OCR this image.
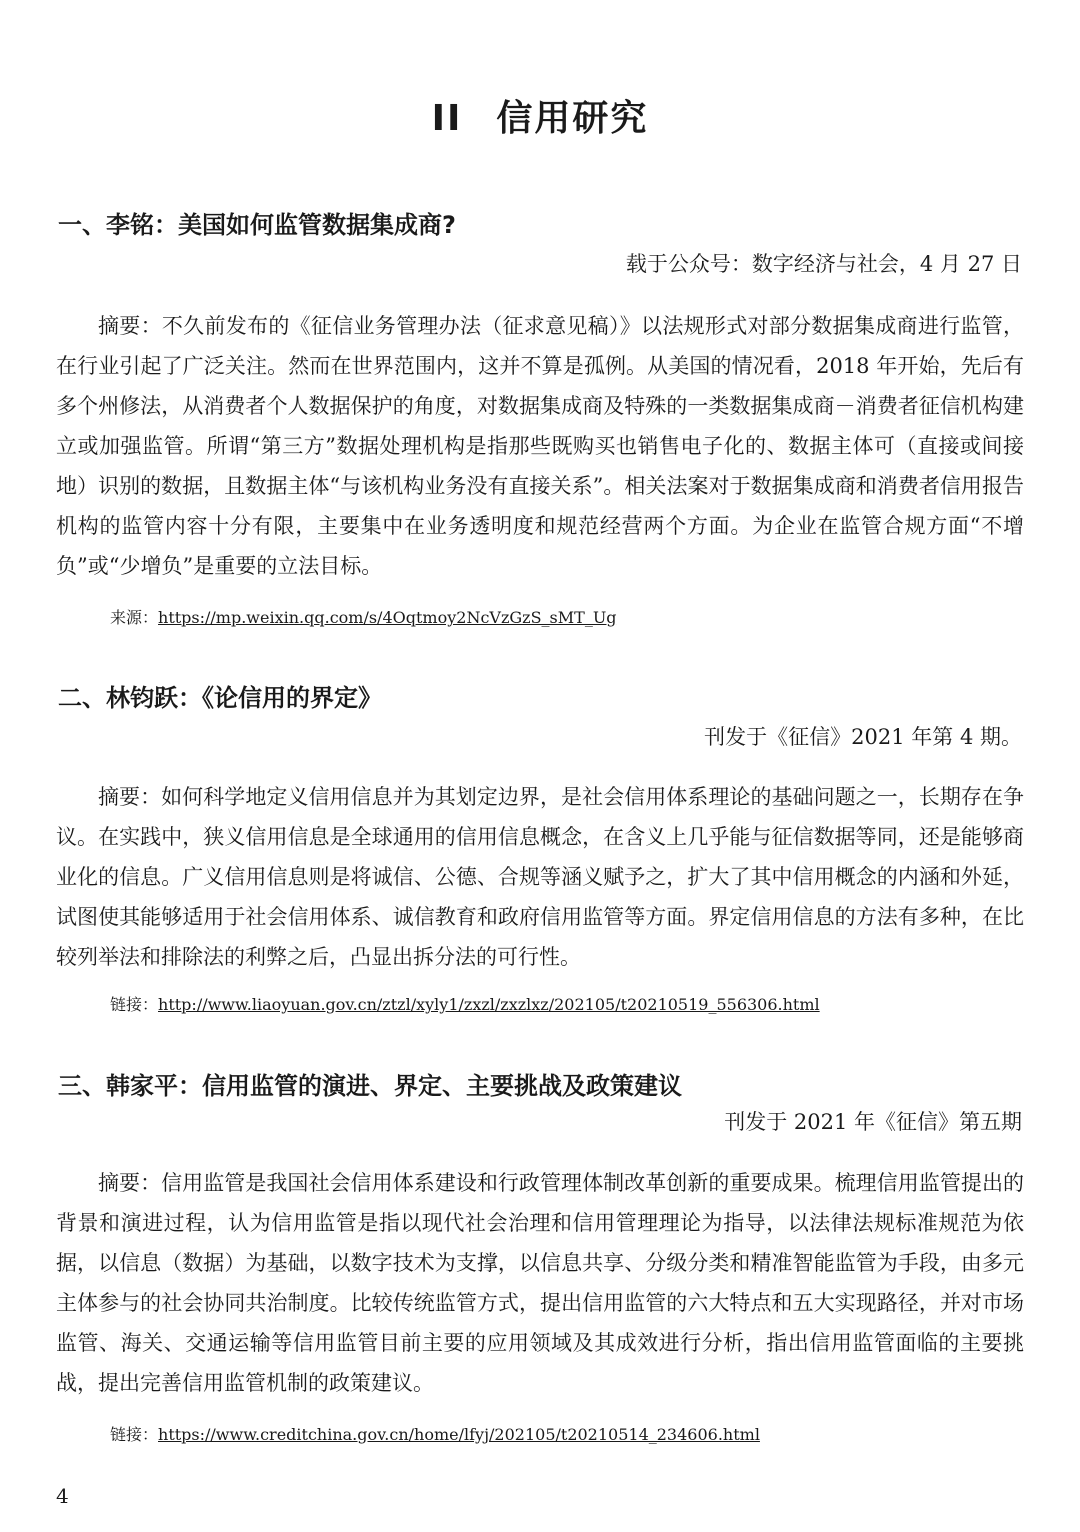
II 信用研究
一、李铭：美国如何监管数据集成商?
载于公众号：数字经济与社会，4 月 27 日

摘要：不久前发布的《征信业务管理办法（征求意见稿）》以法规形式对部分数据集成商进行监管，在行业引起了广泛关注。然而在世界范围内，这并不算是孤例。从美国的情况看，2018 年开始，先后有多个州修法，从消费者个人数据保护的角度，对数据集成商及特殊的一类数据集成商－消费者征信机构建立或加强监管。所谓“第三方”数据处理机构是指那些既购买也销售电子化的、数据主体可（直接或间接地）识别的数据，且数据主体“与该机构业务没有直接关系”。相关法案对于数据集成商和消费者信用报告机构的监管内容十分有限，主要集中在业务透明度和规范经营两个方面。为企业在监管合规方面“不增负”或“少增负”是重要的立法目标。

来源：https://mp.weixin.qq.com/s/4Oqtmoy2NcVzGzS_sMT_Ug
二、林钧跃：《论信用的界定》
刊发于《征信》2021 年第 4 期。

摘要：如何科学地定义信用信息并为其划定边界，是社会信用体系理论的基础问题之一，长期存在争议。在实践中，狭义信用信息是全球通用的信用信息概念，在含义上几乎能与征信数据等同，还是能够商业化的信息。广义信用信息则是将诚信、公德、合规等涵义赋予之，扩大了其中信用概念的内涵和外延，试图使其能够适用于社会信用体系、诚信教育和政府信用监管等方面。界定信用信息的方法有多种，在比较列举法和排除法的利弊之后，凸显出拆分法的可行性。

链接：http://www.liaoyuan.gov.cn/ztzl/xyly1/zxzl/zxzlxz/202105/t20210519_556306.html
三、韩家平：信用监管的演进、界定、主要挑战及政策建议
刊发于 2021 年《征信》第五期

摘要：信用监管是我国社会信用体系建设和行政管理体制改革创新的重要成果。梳理信用监管提出的背景和演进过程，认为信用监管是指以现代社会治理和信用管理理论为指导，以法律法规标准规范为依据，以信息（数据）为基础，以数字技术为支撑，以信息共享、分级分类和精准智能监管为手段，由多元主体参与的社会协同共治制度。比较传统监管方式，提出信用监管的六大特点和五大实现路径，并对市场监管、海关、交通运输等信用监管目前主要的应用领域及其成效进行分析，指出信用监管面临的主要挑战，提出完善信用监管机制的政策建议。

链接：https://www.creditchina.gov.cn/home/lfyj/202105/t20210514_234606.html
4
